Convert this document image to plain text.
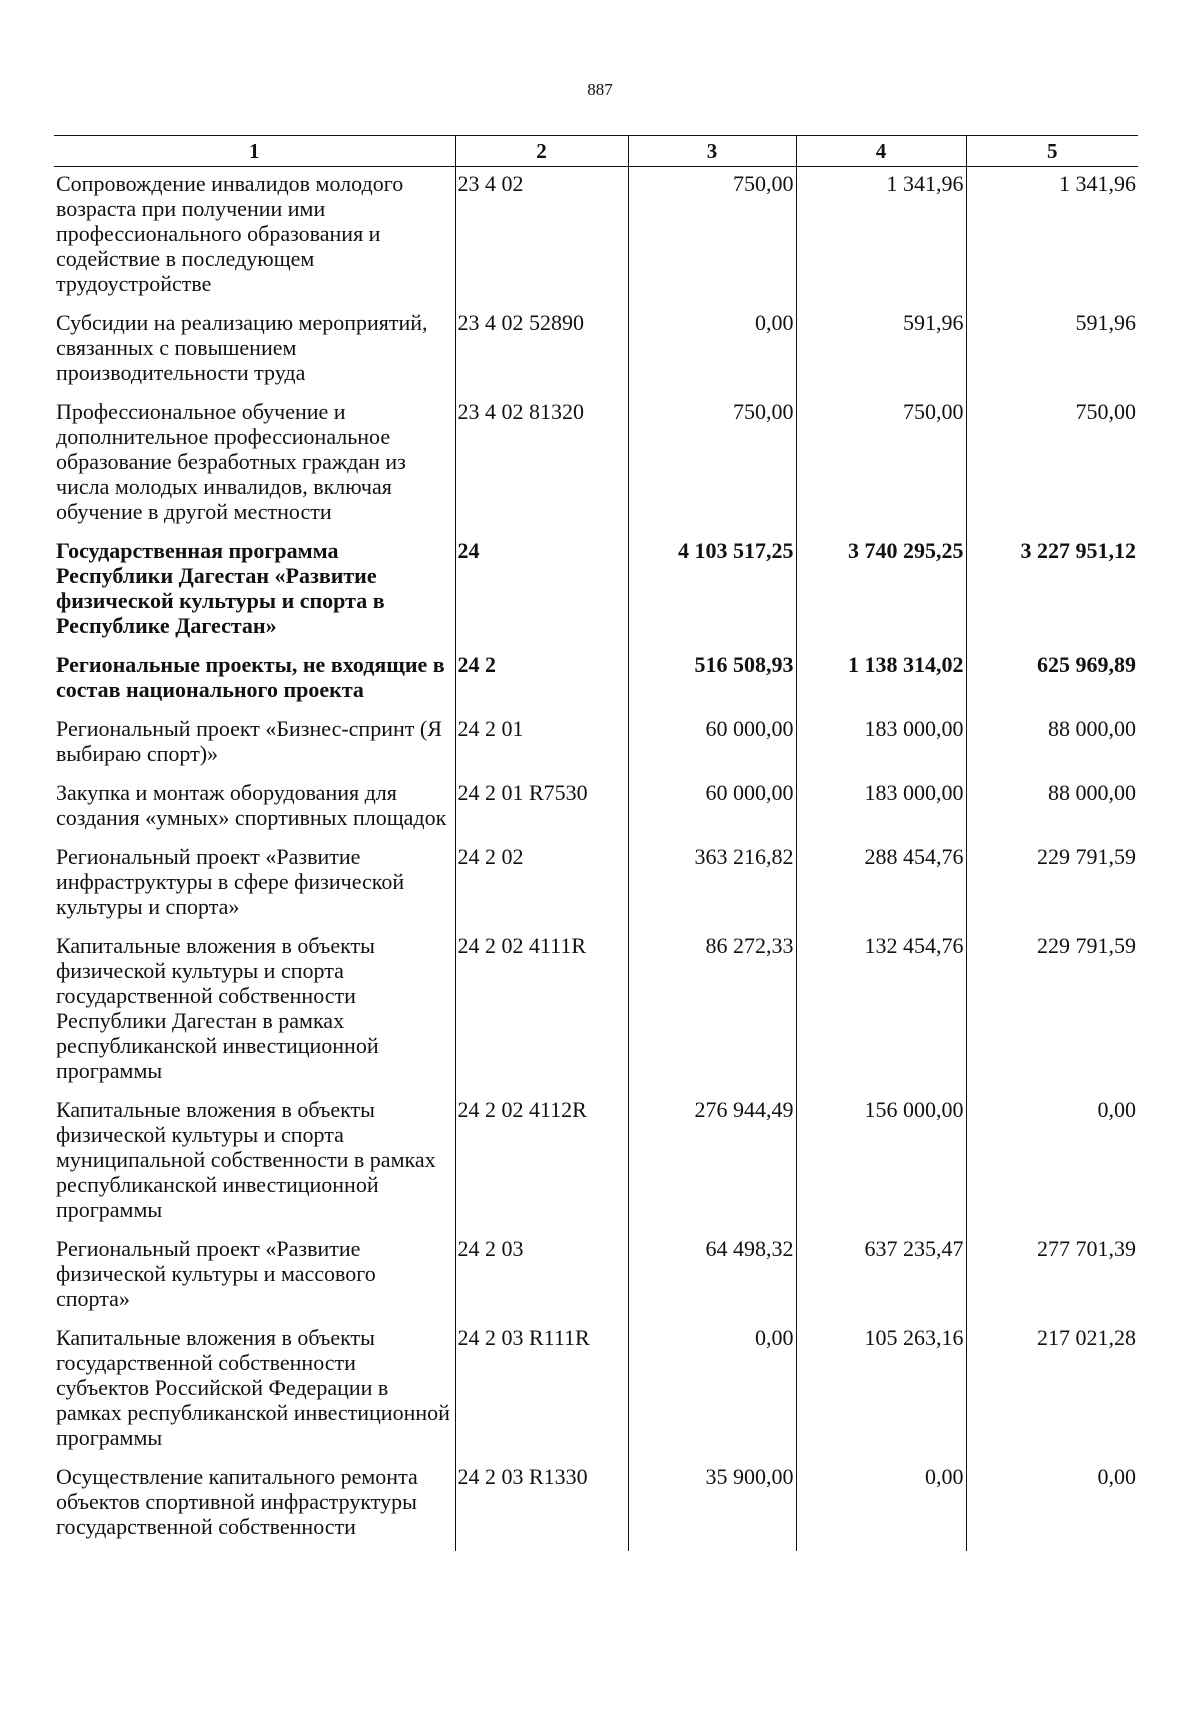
887
1	2	3	4	5
Сопровождение инвалидов молодого возраста при получении ими профессионального образования и содействие в последующем трудоустройстве	23 4 02	750,00	1 341,96	1 341,96
Субсидии на реализацию мероприятий, связанных с повышением производительности труда	23 4 02 52890	0,00	591,96	591,96
Профессиональное обучение и дополнительное профессиональное образование безработных граждан из числа молодых инвалидов, включая обучение в другой местности	23 4 02 81320	750,00	750,00	750,00
Государственная программа Республики Дагестан «Развитие физической культуры и спорта в Республике Дагестан»	24	4 103 517,25	3 740 295,25	3 227 951,12
Региональные проекты, не входящие в состав национального проекта	24 2	516 508,93	1 138 314,02	625 969,89
Региональный проект «Бизнес-спринт (Я выбираю спорт)»	24 2 01	60 000,00	183 000,00	88 000,00
Закупка и монтаж оборудования для создания «умных» спортивных площадок	24 2 01 R7530	60 000,00	183 000,00	88 000,00
Региональный проект «Развитие инфраструктуры в сфере физической культуры и спорта»	24 2 02	363 216,82	288 454,76	229 791,59
Капитальные вложения в объекты физической культуры и спорта государственной собственности Республики Дагестан в рамках республиканской инвестиционной программы	24 2 02 4111R	86 272,33	132 454,76	229 791,59
Капитальные вложения в объекты физической культуры и спорта муниципальной собственности в рамках республиканской инвестиционной программы	24 2 02 4112R	276 944,49	156 000,00	0,00
Региональный проект «Развитие физической культуры и массового спорта»	24 2 03	64 498,32	637 235,47	277 701,39
Капитальные вложения в объекты государственной собственности субъектов Российской Федерации в рамках республиканской инвестиционной программы	24 2 03 R111R	0,00	105 263,16	217 021,28
Осуществление капитального ремонта объектов спортивной инфраструктуры государственной собственности	24 2 03 R1330	35 900,00	0,00	0,00
